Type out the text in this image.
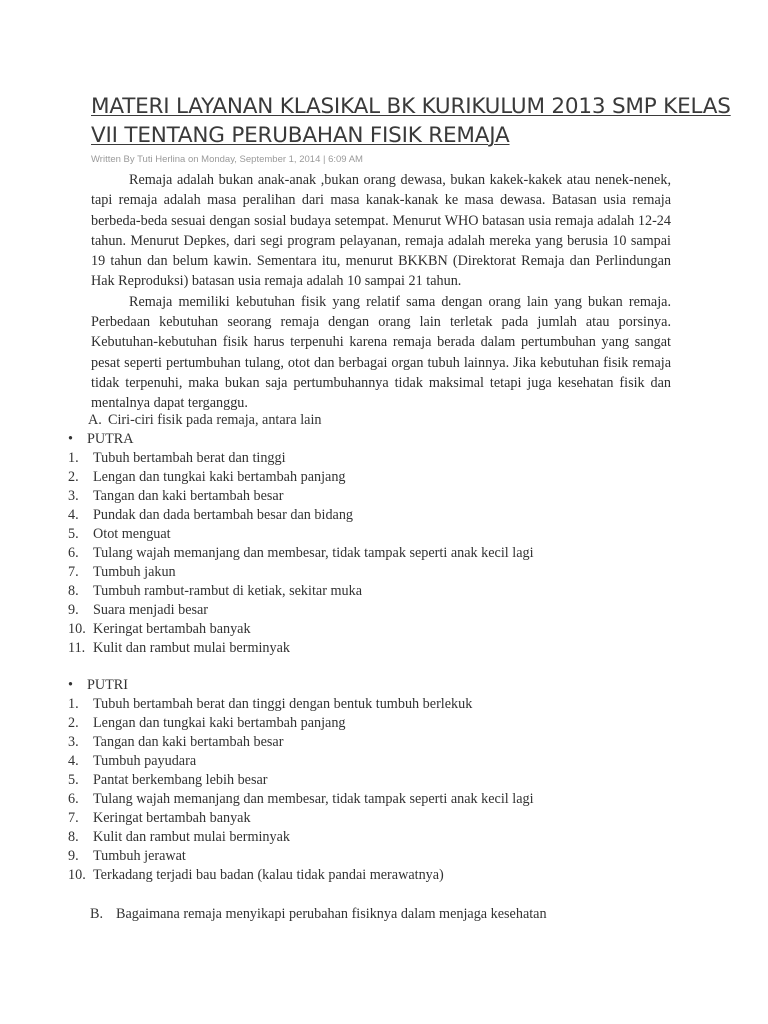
MATERI LAYANAN KLASIKAL BK KURIKULUM 2013 SMP KELAS VII TENTANG PERUBAHAN FISIK REMAJA
Written By Tuti Herlina on Monday, September 1, 2014 | 6:09 AM

Remaja adalah bukan anak-anak ,bukan orang dewasa, bukan kakek-kakek atau nenek-nenek, tapi remaja adalah masa peralihan dari masa kanak-kanak ke masa dewasa. Batasan usia remaja berbeda-beda sesuai dengan sosial budaya setempat. Menurut WHO batasan usia remaja adalah 12-24 tahun. Menurut Depkes, dari segi program pelayanan, remaja adalah mereka yang berusia 10 sampai 19 tahun dan belum kawin. Sementara itu, menurut BKKBN (Direktorat Remaja dan Perlindungan Hak Reproduksi) batasan usia remaja adalah 10 sampai 21 tahun.

Remaja memiliki kebutuhan fisik yang relatif sama dengan orang lain yang bukan remaja. Perbedaan kebutuhan seorang remaja dengan orang lain terletak pada jumlah atau porsinya. Kebutuhan-kebutuhan fisik harus terpenuhi karena remaja berada dalam pertumbuhan yang sangat pesat seperti pertumbuhan tulang, otot dan berbagai organ tubuh lainnya. Jika kebutuhan fisik remaja tidak terpenuhi, maka bukan saja pertumbuhannya tidak maksimal tetapi juga kesehatan fisik dan mentalnya dapat terganggu.

A. Ciri-ciri fisik pada remaja, antara lain
• PUTRA
1. Tubuh bertambah berat dan tinggi
2. Lengan dan tungkai kaki bertambah panjang
3. Tangan dan kaki bertambah besar
4. Pundak dan dada bertambah besar dan bidang
5. Otot menguat
6. Tulang wajah memanjang dan membesar, tidak tampak seperti anak kecil lagi
7. Tumbuh jakun
8. Tumbuh rambut-rambut di ketiak, sekitar muka
9. Suara menjadi besar
10. Keringat bertambah banyak
11. Kulit dan rambut mulai berminyak
• PUTRI
1. Tubuh bertambah berat dan tinggi dengan bentuk tumbuh berlekuk
2. Lengan dan tungkai kaki bertambah panjang
3. Tangan dan kaki bertambah besar
4. Tumbuh payudara
5. Pantat berkembang lebih besar
6. Tulang wajah memanjang dan membesar, tidak tampak seperti anak kecil lagi
7. Keringat bertambah banyak
8. Kulit dan rambut mulai berminyak
9. Tumbuh jerawat
10. Terkadang terjadi bau badan (kalau tidak pandai merawatnya)
B. Bagaimana remaja menyikapi perubahan fisiknya dalam menjaga kesehatan
